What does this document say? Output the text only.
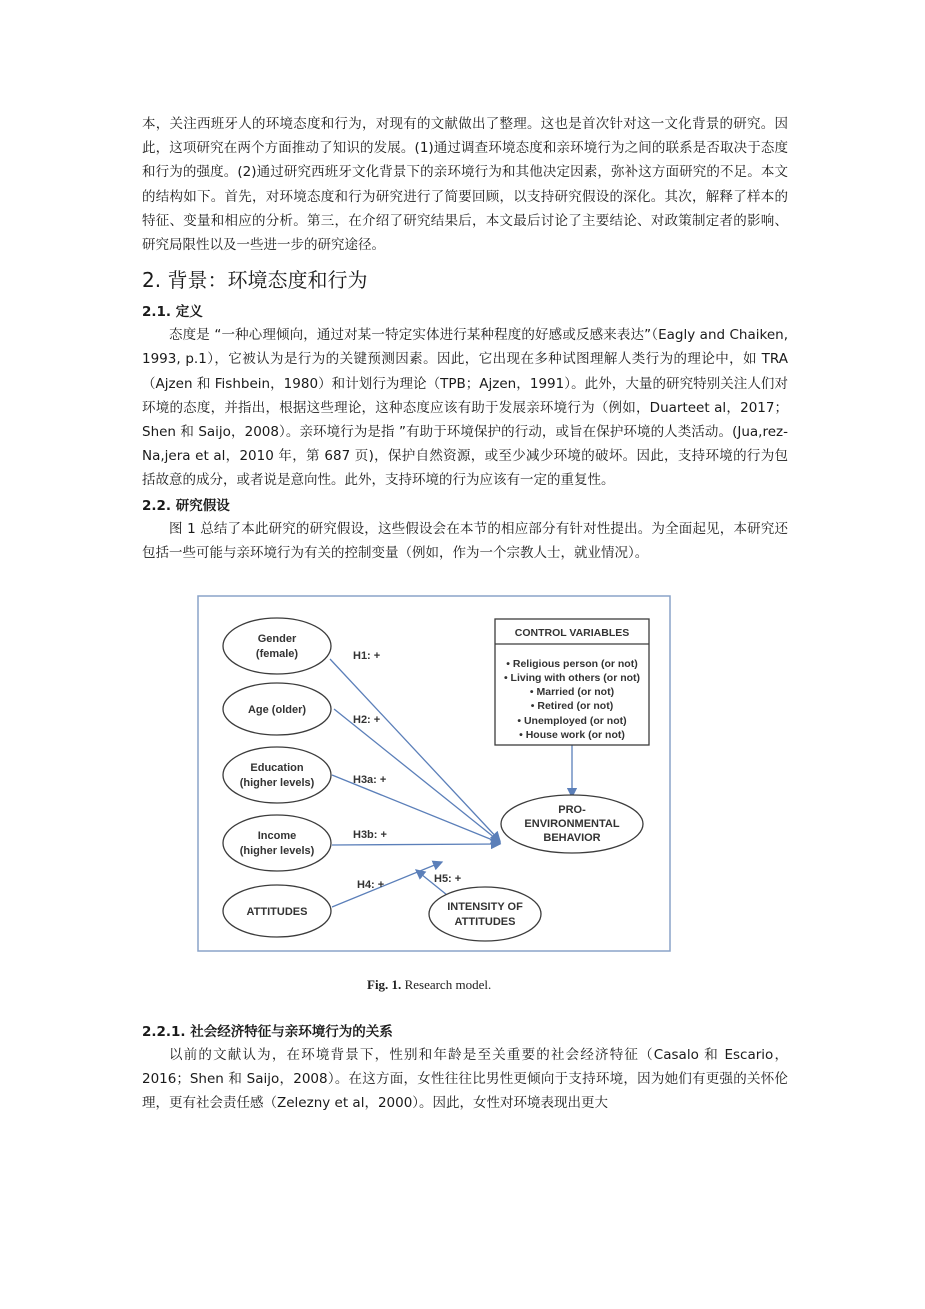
本，关注西班牙人的环境态度和行为，对现有的文献做出了整理。这也是首次针对这一文化背景的研究。因此，这项研究在两个方面推动了知识的发展。(1)通过调查环境态度和亲环境行为之间的联系是否取决于态度和行为的强度。(2)通过研究西班牙文化背景下的亲环境行为和其他决定因素，弥补这方面研究的不足。本文的结构如下。首先，对环境态度和行为研究进行了简要回顾，以支持研究假设的深化。其次，解释了样本的特征、变量和相应的分析。第三，在介绍了研究结果后，本文最后讨论了主要结论、对政策制定者的影响、研究局限性以及一些进一步的研究途径。

2. 背景：环境态度和行为
2.1. 定义

态度是 “一种心理倾向，通过对某一特定实体进行某种程度的好感或反感来表达”（Eagly and Chaiken, 1993, p.1），它被认为是行为的关键预测因素。因此，它出现在多种试图理解人类行为的理论中，如 TRA（Ajzen 和 Fishbein，1980）和计划行为理论（TPB；Ajzen，1991）。此外，大量的研究特别关注人们对环境的态度，并指出，根据这些理论，这种态度应该有助于发展亲环境行为（例如，Duarteet al，2017；Shen 和 Saijo，2008）。亲环境行为是指 ”有助于环境保护的行动，或旨在保护环境的人类活动。(Jua,rez-Na,jera et al，2010 年，第 687 页)，保护自然资源，或至少减少环境的破坏。因此，支持环境的行为包括故意的成分，或者说是意向性。此外，支持环境的行为应该有一定的重复性。

2.2. 研究假设

图 1 总结了本此研究的研究假设，这些假设会在本节的相应部分有针对性提出。为全面起见，本研究还包括一些可能与亲环境行为有关的控制变量（例如，作为一个宗教人士，就业情况）。

Gender
(female)
Age (older)
Education
(higher levels)
Income
(higher levels)
ATTITUDES	INTENSITY OF
ATTITUDES
PRO-
ENVIRONMENTAL
BEHAVIOR
CONTROL VARIABLES
• Religious person (or not)
• Living with others (or not)
• Married (or not)
• Retired (or not)
• Unemployed (or not)
• House work (or not)
H1: +
H2: +
H3a: +
H3b: +
H4: +	H5: +
Fig. 1. Research model.
2.2.1. 社会经济特征与亲环境行为的关系

以前的文献认为，在环境背景下，性别和年龄是至关重要的社会经济特征（Casalo 和 Escario，2016；Shen 和 Saijo，2008）。在这方面，女性往往比男性更倾向于支持环境，因为她们有更强的关怀伦理，更有社会责任感（Zelezny et al，2000）。因此，女性对环境表现出更大
